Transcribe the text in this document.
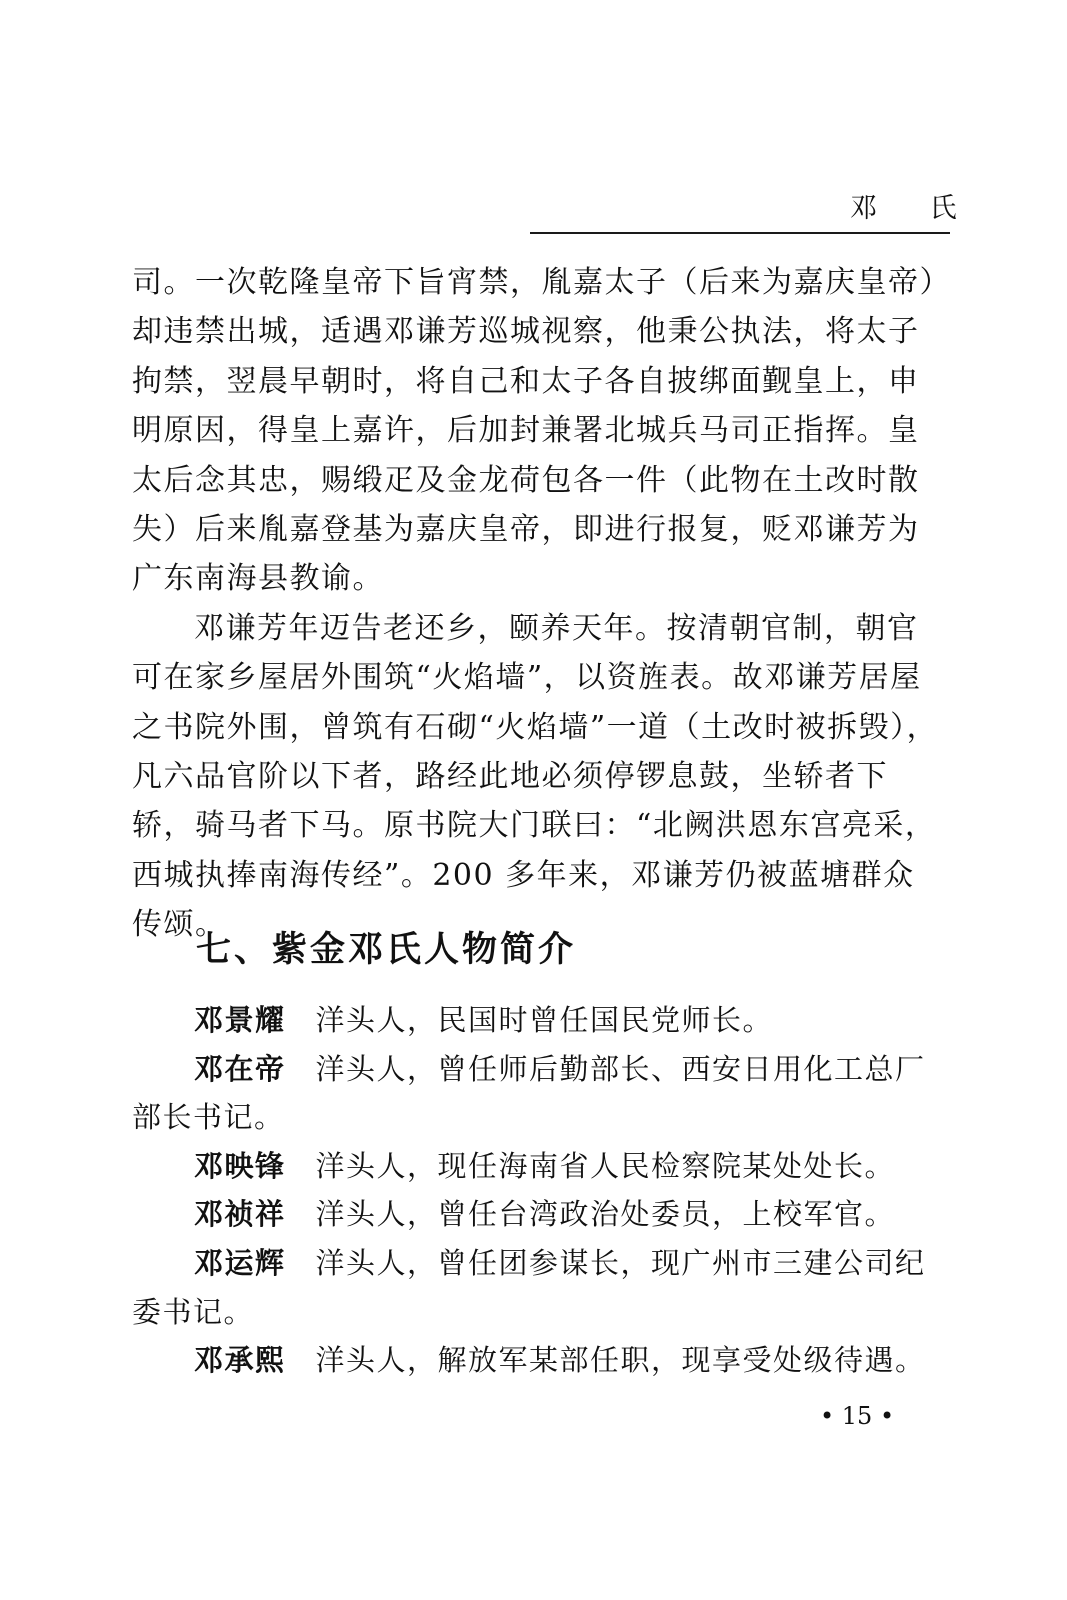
邓 氏

司。一次乾隆皇帝下旨宵禁，胤嘉太子（后来为嘉庆皇帝）却违禁出城，适遇邓谦芳巡城视察，他秉公执法，将太子拘禁，翌晨早朝时，将自己和太子各自披绑面觐皇上，申明原因，得皇上嘉许，后加封兼署北城兵马司正指挥。皇太后念其忠，赐缎疋及金龙荷包各一件（此物在土改时散失）后来胤嘉登基为嘉庆皇帝，即进行报复，贬邓谦芳为广东南海县教谕。

邓谦芳年迈告老还乡，颐养天年。按清朝官制，朝官可在家乡屋居外围筑“火焰墙”，以资旌表。故邓谦芳居屋之书院外围，曾筑有石砌“火焰墙”一道（土改时被拆毁），凡六品官阶以下者，路经此地必须停锣息鼓，坐轿者下轿，骑马者下马。原书院大门联曰：“北阙洪恩东宫亮采，西城执捧南海传经”。200 多年来，邓谦芳仍被蓝塘群众传颂。

七、紫金邓氏人物简介

邓景耀 洋头人，民国时曾任国民党师长。

邓在帝 洋头人，曾任师后勤部长、西安日用化工总厂部长书记。

邓映锋 洋头人，现任海南省人民检察院某处处长。

邓祯祥 洋头人，曾任台湾政治处委员，上校军官。

邓运辉 洋头人，曾任团参谋长，现广州市三建公司纪委书记。

邓承熙 洋头人，解放军某部任职，现享受处级待遇。

• 15 •
